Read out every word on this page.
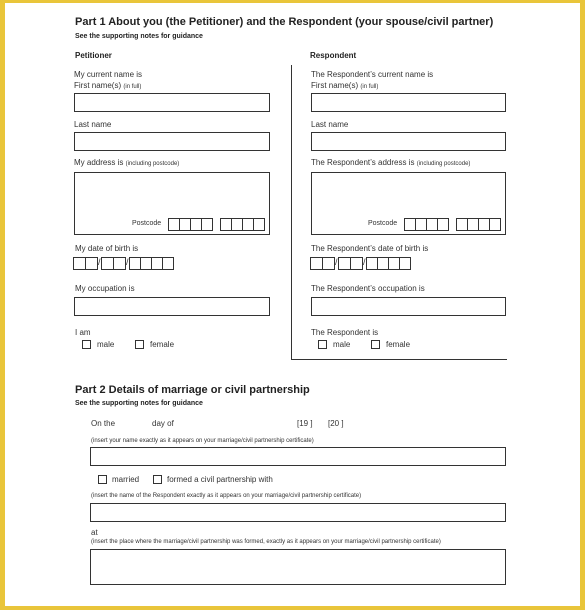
Part 1 About you (the Petitioner) and the Respondent (your spouse/civil partner)
See the supporting notes for guidance
Petitioner
My current name is
First name(s) (in full)
Last name
My address is (including postcode)
Postcode
My date of birth is
/	/
My occupation is
I am
male	female
Respondent
The Respondent’s current name is
First name(s) (in full)
Last name
The Respondent’s address is (including postcode)
Postcode
The Respondent’s date of birth is
/	/
The Respondent’s occupation is
The Respondent is
male	female
Part 2 Details of marriage or civil partnership
See the supporting notes for guidance
On the	day of	[19 ] [20 ]
(insert your name exactly as it appears on your marriage/civil partnership certificate)
married	formed a civil partnership with
(insert the name of the Respondent exactly as it appears on your marriage/civil partnership certificate)
at
(insert the place where the marriage/civil partnership was formed, exactly as it appears on your marriage/civil partnership certificate)
